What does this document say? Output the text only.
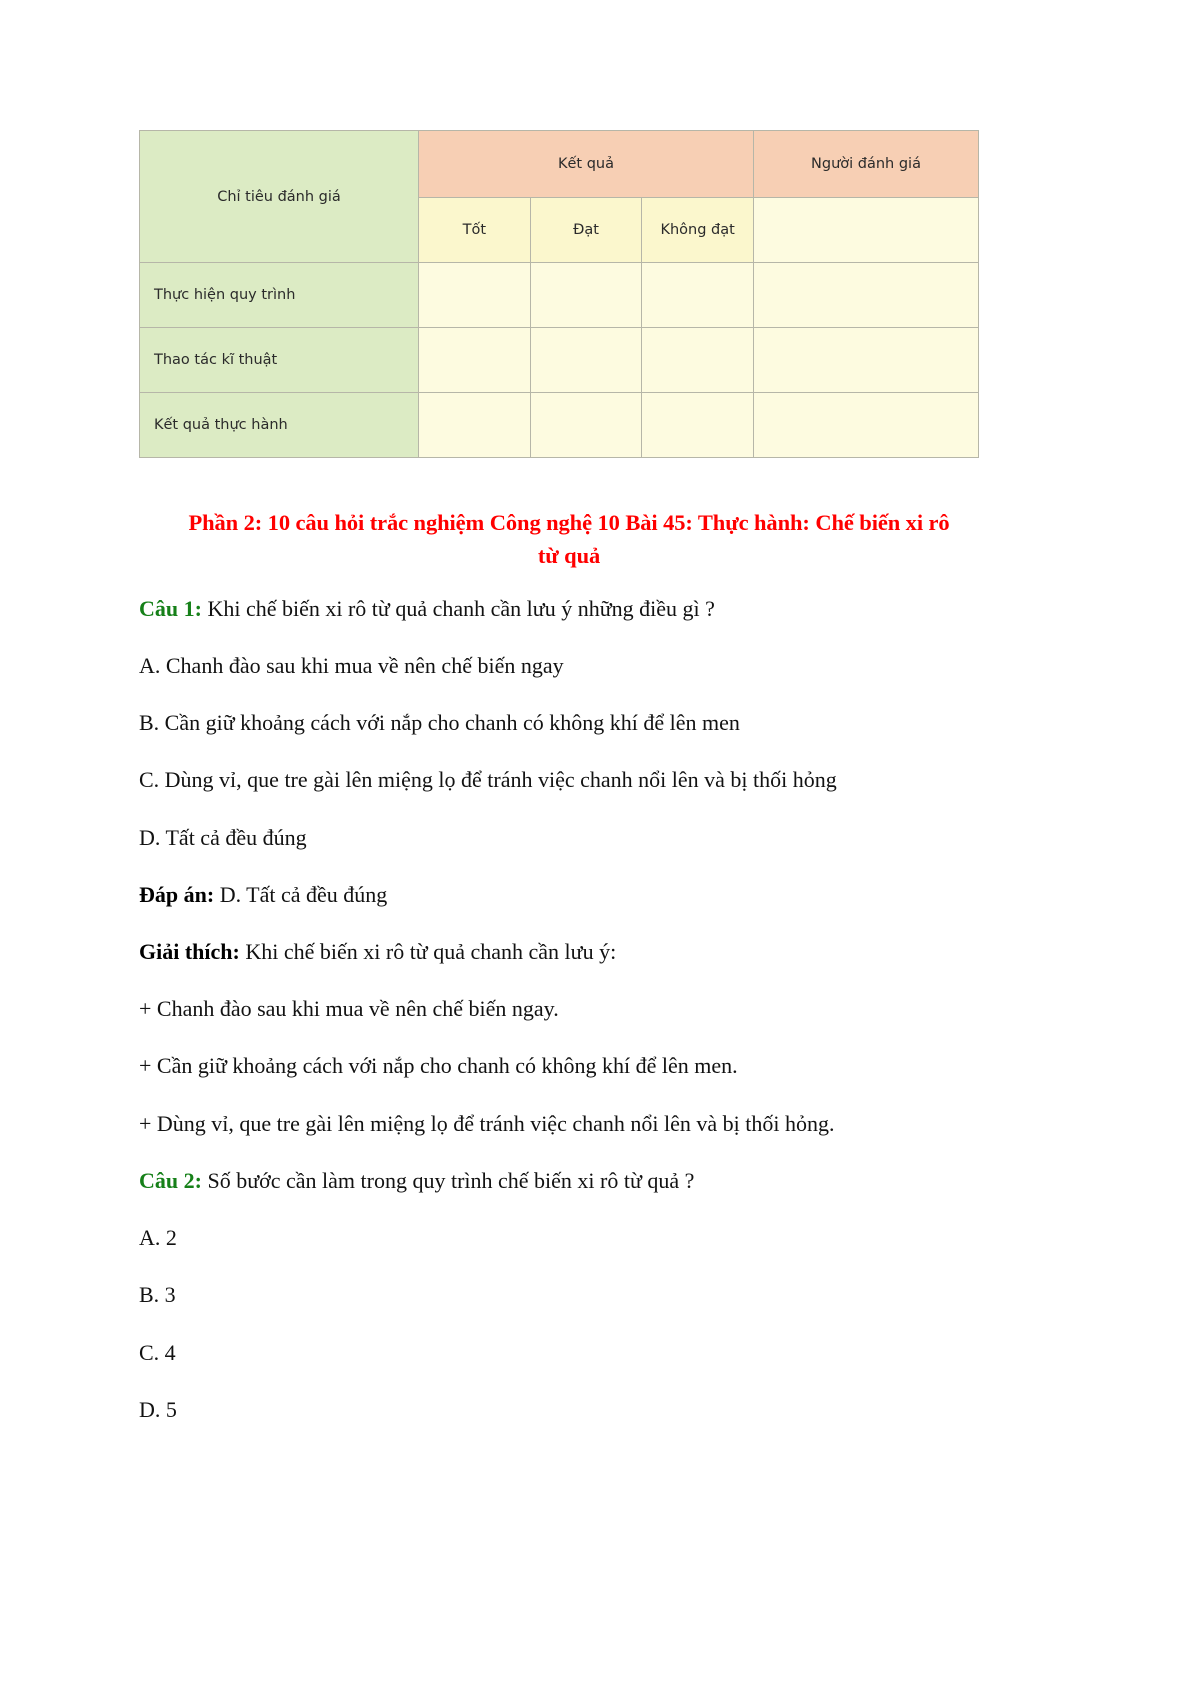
Chỉ tiêu đánh giá	Kết quả			Người đánh giá
	Tốt	Đạt	Không đạt	
Thực hiện quy trình				
Thao tác kĩ thuật				
Kết quả thực hành				
Phần 2: 10 câu hỏi trắc nghiệm Công nghệ 10 Bài 45: Thực hành: Chế biến xi rô
từ quả

Câu 1: Khi chế biến xi rô từ quả chanh cần lưu ý những điều gì ?

A. Chanh đào sau khi mua về nên chế biến ngay

B. Cần giữ khoảng cách với nắp cho chanh có không khí để lên men

C. Dùng vỉ, que tre gài lên miệng lọ để tránh việc chanh nổi lên và bị thối hỏng

D. Tất cả đều đúng

Đáp án: D. Tất cả đều đúng

Giải thích: Khi chế biến xi rô từ quả chanh cần lưu ý:

+ Chanh đào sau khi mua về nên chế biến ngay.

+ Cần giữ khoảng cách với nắp cho chanh có không khí để lên men.

+ Dùng vỉ, que tre gài lên miệng lọ để tránh việc chanh nổi lên và bị thối hỏng.

Câu 2: Số bước cần làm trong quy trình chế biến xi rô từ quả ?

A. 2

B. 3

C. 4

D. 5
